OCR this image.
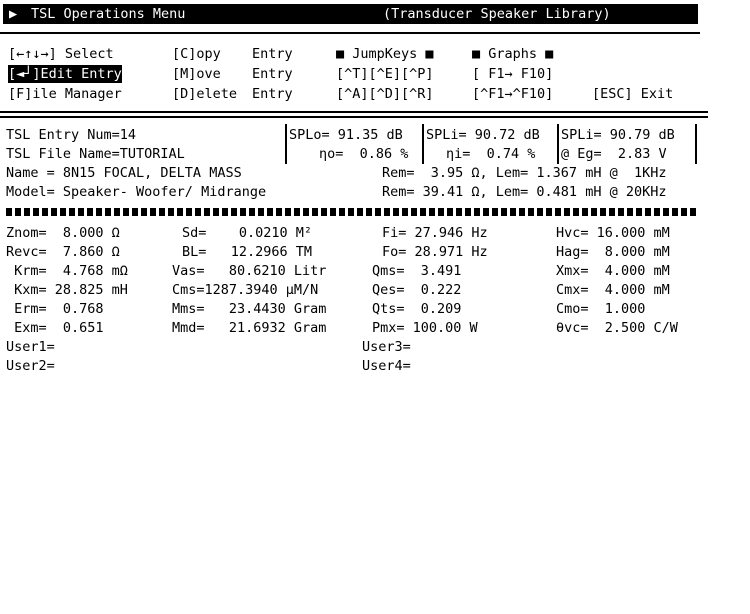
▶ TSL Operations Menu	(Transducer Speaker Library)
[←↑↓→] Select
[◄┘]Edit Entry
[F]ile Manager
[C]opy
[M]ove
[D]elete
Entry
Entry
Entry
■ JumpKeys ■
[^T][^E][^P]
[^A][^D][^R]
■ Graphs ■
[ F1→ F10]
[^F1→^F10]	[ESC] Exit
TSL Entry Num=14
TSL File Name=TUTORIAL
Name = 8N15 FOCAL, DELTA MASS
Model= Speaker- Woofer/ Midrange
SPLo= 91.35 dB
ηo=  0.86 %
SPLi= 90.72 dB
ηi=  0.74 %
SPLi= 90.79 dB
@ Eg=  2.83 V
Rem=  3.95 Ω, Lem= 1.367 mH @  1KHz
Rem= 39.41 Ω, Lem= 0.481 mH @ 20KHz
Znom=  8.000 Ω
Revc=  7.860 Ω
Krm=  4.768 mΩ
Kxm= 28.825 mH
Erm=  0.768
Exm=  0.651
Sd=    0.0210 M²
BL=   12.2966 TM
Vas=   80.6210 Litr
Cms=1287.3940 µM/N
Mms=   23.4430 Gram
Mmd=   21.6932 Gram
Fi= 27.946 Hz
Fo= 28.971 Hz
Qms=  3.491
Qes=  0.222
Qts=  0.209
Pmx= 100.00 W
Hvc= 16.000 mM
Hag=  8.000 mM
Xmx=  4.000 mM
Cmx=  4.000 mM
Cmo=  1.000
θvc=  2.500 C/W
User1=
User2=
User3=
User4=
